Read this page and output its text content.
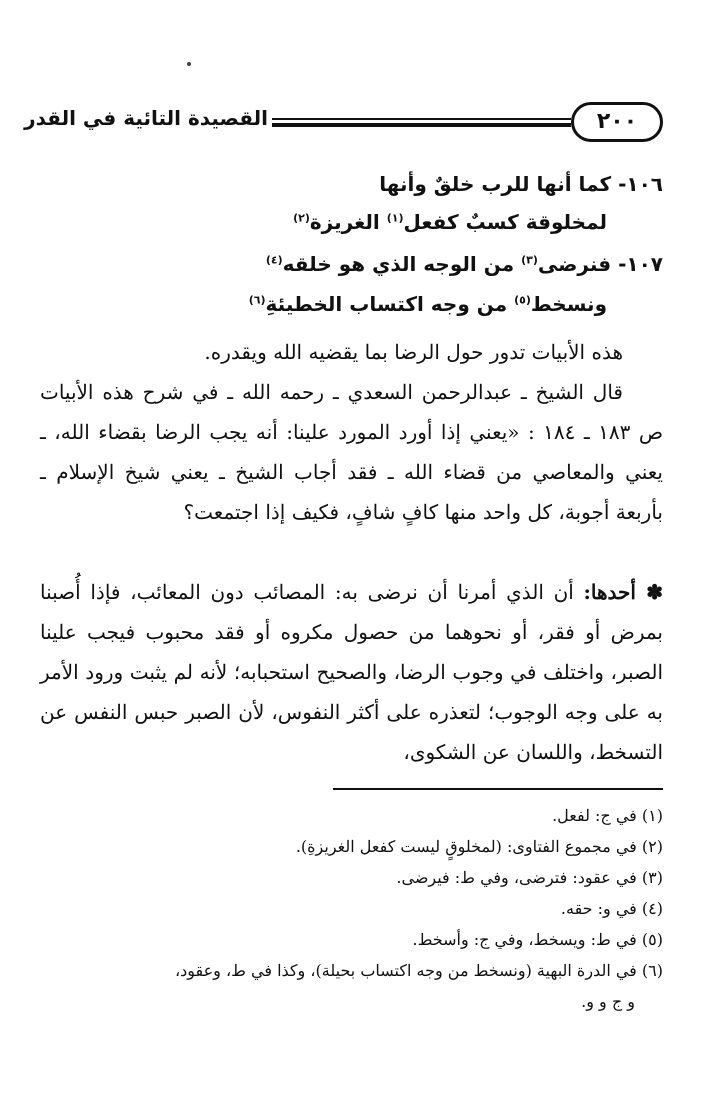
٢٠٠
القصيدة التائية في القدر
١٠٦- كما أنها للرب خلقٌ وأنها
لمخلوقة كسبٌ كفعل$^{(١)}$ الغريزة$^{(٢)}$
١٠٧- فنرضى$^{(٣)}$ من الوجه الذي هو خلقه$^{(٤)}$
ونسخط$^{(٥)}$ من وجه اكتساب الخطيئةِ$^{(٦)}$

هذه الأبيات تدور حول الرضا بما يقضيه الله ويقدره.

قال الشيخ ـ عبدالرحمن السعدي ـ رحمه الله ـ في شرح هذه الأبيات ص ١٨٣ ـ ١٨٤ : «يعني إذا أورد المورد علينا: أنه يجب الرضا بقضاء الله، ـ يعني والمعاصي من قضاء الله ـ فقد أجاب الشيخ ـ يعني شيخ الإسلام ـ بأربعة أجوبة، كل واحد منها كافٍ شافٍ، فكيف إذا اجتمعت؟

✽ أحدها: أن الذي أمرنا أن نرضى به: المصائب دون المعائب، فإذا أُصبنا بمرض أو فقر، أو نحوهما من حصول مكروه أو فقد محبوب فيجب علينا الصبر، واختلف في وجوب الرضا، والصحيح استحبابه؛ لأنه لم يثبت ورود الأمر به على وجه الوجوب؛ لتعذره على أكثر النفوس، لأن الصبر حبس النفس عن التسخط، واللسان عن الشكوى،

(١) في ج: لفعل.
(٢) في مجموع الفتاوى: (لمخلوقٍ ليست كفعل الغريزةِ).
(٣) في عقود: فترضى، وفي ط: فيرضى.
(٤) في و: حقه.
(٥) في ط: ويسخط، وفي ج: وأسخط.
(٦) في الدرة البهية (ونسخط من وجه اكتساب بحيلة)، وكذا في ط، وعقود،
و ج و و.
